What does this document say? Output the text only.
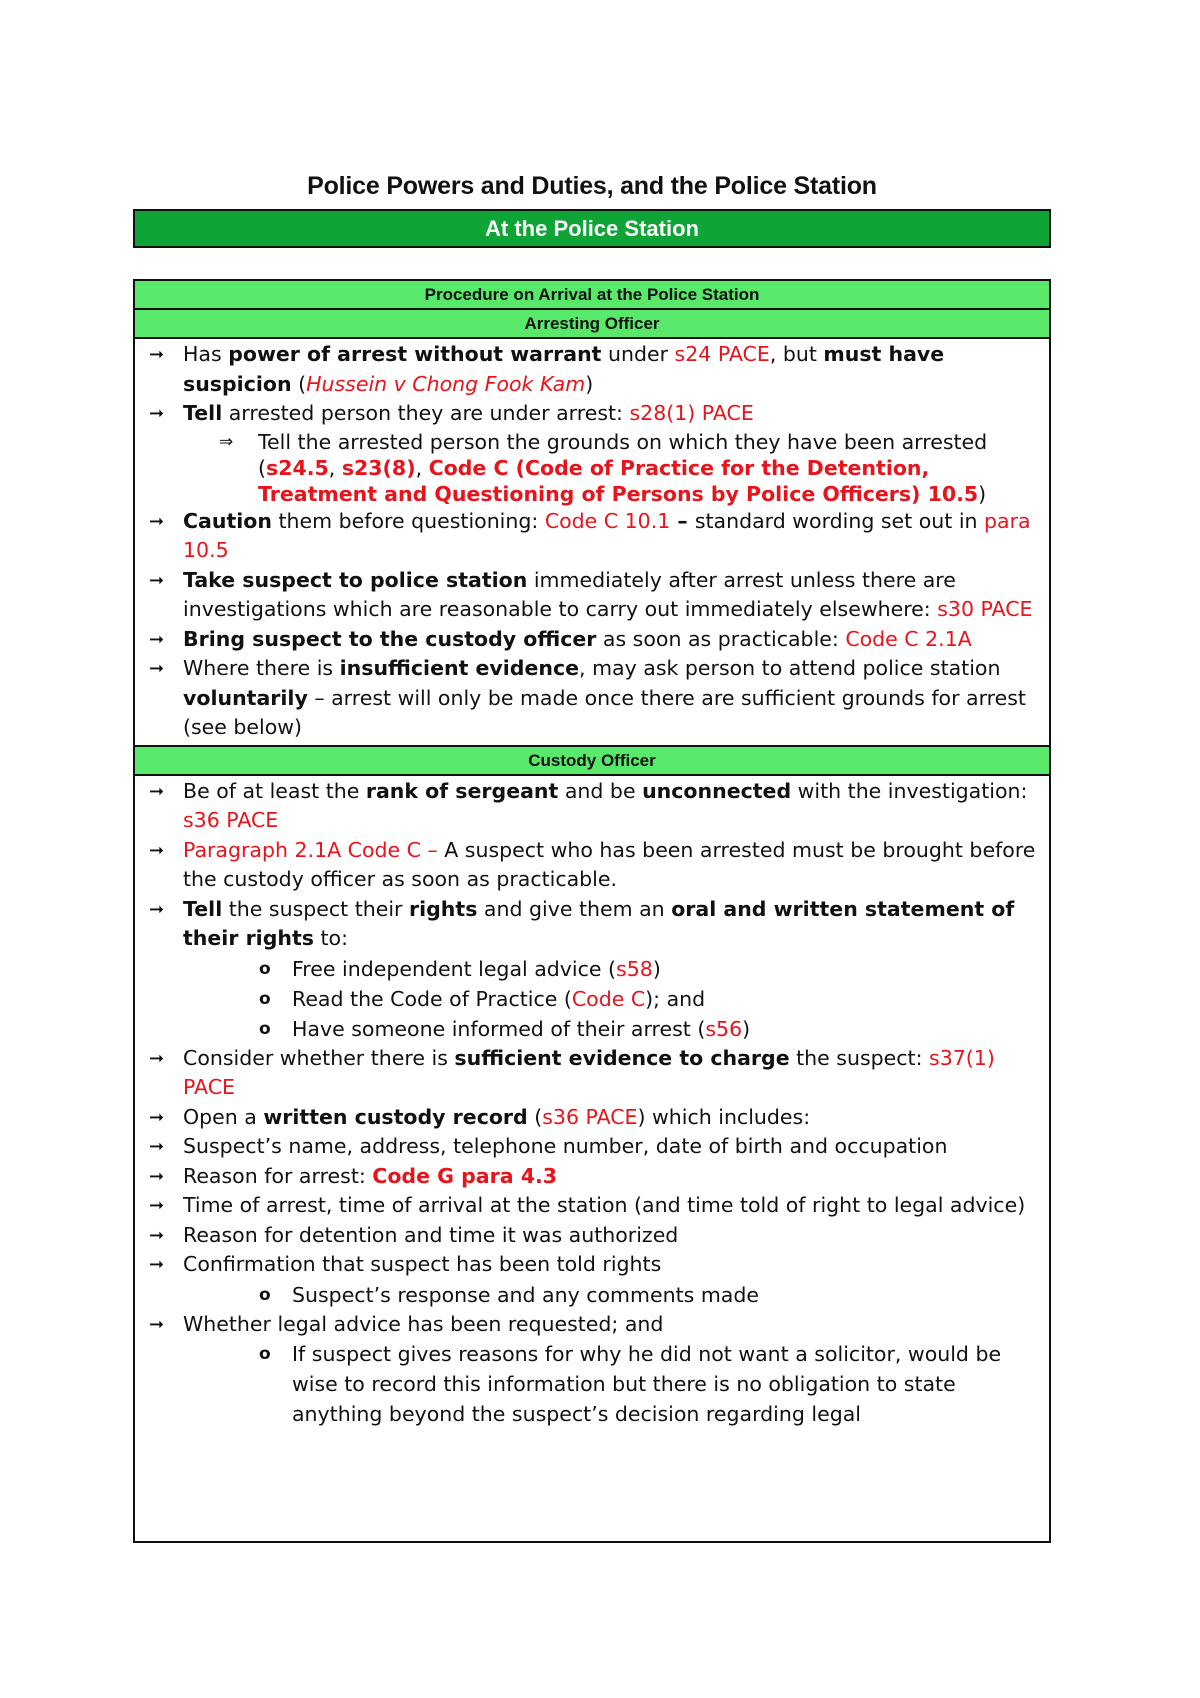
Police Powers and Duties, and the Police Station
At the Police Station
Procedure on Arrival at the Police Station
Arresting Officer
➞ Has power of arrest without warrant under s24 PACE, but must have suspicion (Hussein v Chong Fook Kam)
➞ Tell arrested person they are under arrest: s28(1) PACE
⇒ Tell the arrested person the grounds on which they have been arrested (s24.5, s23(8), Code C (Code of Practice for the Detention, Treatment and Questioning of Persons by Police Officers) 10.5)
➞ Caution them before questioning: Code C 10.1 – standard wording set out in para 10.5
➞ Take suspect to police station immediately after arrest unless there are investigations which are reasonable to carry out immediately elsewhere: s30 PACE
➞ Bring suspect to the custody officer as soon as practicable: Code C 2.1A
➞ Where there is insufficient evidence, may ask person to attend police station voluntarily – arrest will only be made once there are sufficient grounds for arrest (see below)
Custody Officer
➞ Be of at least the rank of sergeant and be unconnected with the investigation: s36 PACE
➞ Paragraph 2.1A Code C – A suspect who has been arrested must be brought before the custody officer as soon as practicable.
➞ Tell the suspect their rights and give them an oral and written statement of their rights to:
o Free independent legal advice (s58)
o Read the Code of Practice (Code C); and
o Have someone informed of their arrest (s56)
➞ Consider whether there is sufficient evidence to charge the suspect: s37(1) PACE
➞ Open a written custody record (s36 PACE) which includes:
➞ Suspect’s name, address, telephone number, date of birth and occupation
➞ Reason for arrest: Code G para 4.3
➞ Time of arrest, time of arrival at the station (and time told of right to legal advice)
➞ Reason for detention and time it was authorized
➞ Confirmation that suspect has been told rights
o Suspect’s response and any comments made
➞ Whether legal advice has been requested; and
o If suspect gives reasons for why he did not want a solicitor, would be wise to record this information but there is no obligation to state anything beyond the suspect’s decision regarding legal
